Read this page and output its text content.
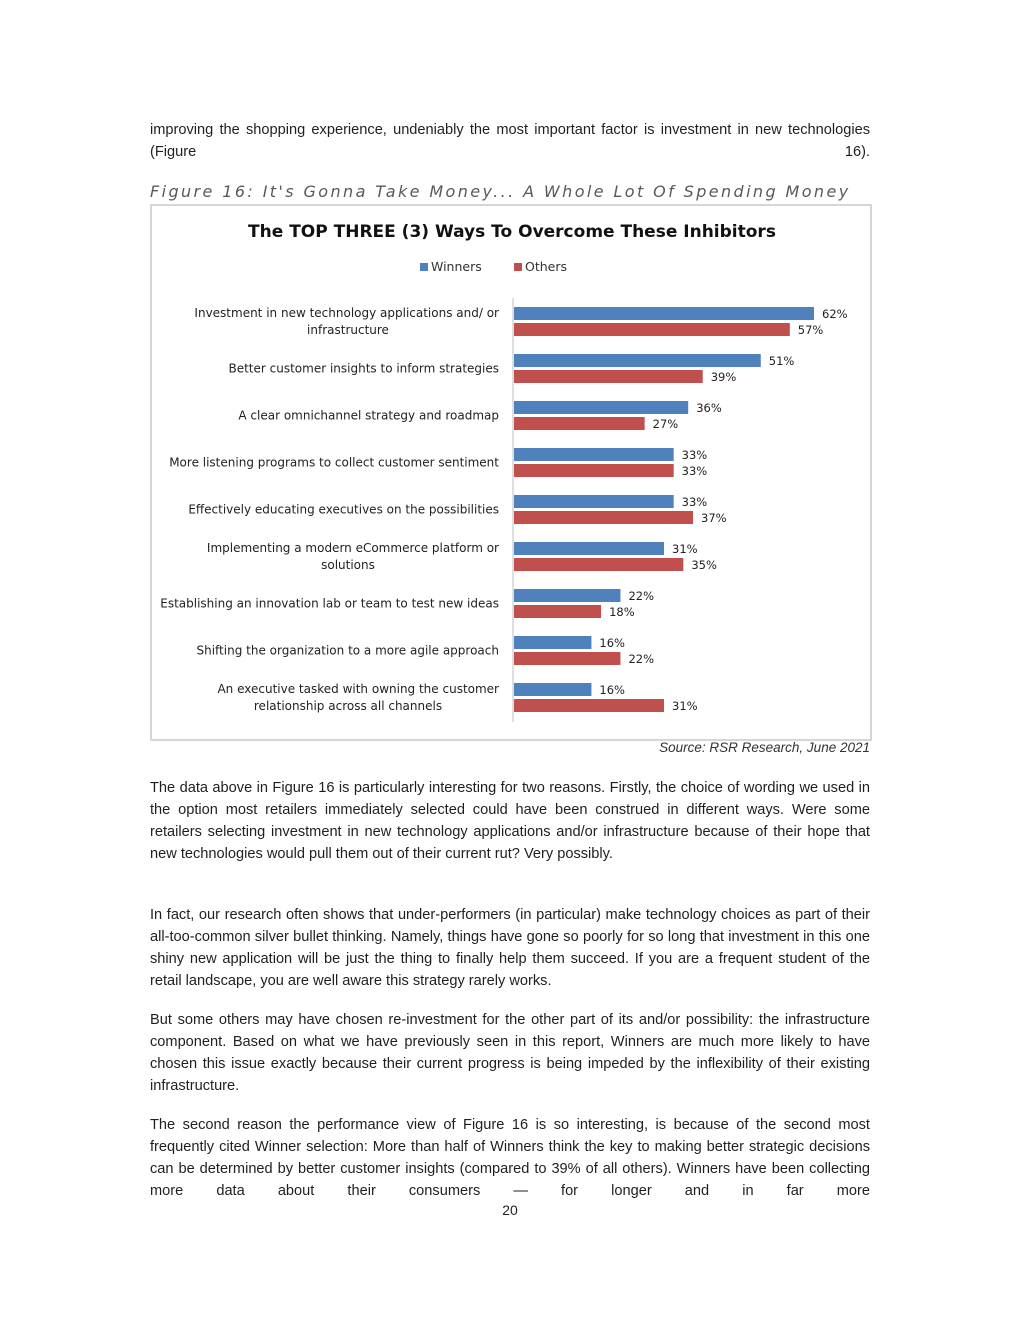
improving the shopping experience, undeniably the most important factor is investment in new technologies (Figure 16).

Figure 16: It's Gonna Take Money... A Whole Lot Of Spending Money
The TOP THREE (3) Ways To Overcome These Inhibitors
Winners	Others
Investment in new technology applications and/ or
infrastructure
62%
57%
Better customer insights to inform strategies
51%
39%
A clear omnichannel strategy and roadmap
36%
27%
More listening programs to collect customer sentiment
33%
33%
Effectively educating executives on the possibilities
33%
37%
Implementing a modern eCommerce platform or
solutions
31%
35%
Establishing an innovation lab or team to test new ideas
22%
18%
Shifting the organization to a more agile approach
16%
22%
An executive tasked with owning the customer
relationship across all channels
16%
31%
Source: RSR Research, June 2021

The data above in Figure 16 is particularly interesting for two reasons. Firstly, the choice of wording we used in the option most retailers immediately selected could have been construed in different ways. Were some retailers selecting investment in new technology applications and/or infrastructure because of their hope that new technologies would pull them out of their current rut? Very possibly.

In fact, our research often shows that under-performers (in particular) make technology choices as part of their all-too-common silver bullet thinking. Namely, things have gone so poorly for so long that investment in this one shiny new application will be just the thing to finally help them succeed. If you are a frequent student of the retail landscape, you are well aware this strategy rarely works.

But some others may have chosen re-investment for the other part of its and/or possibility: the infrastructure component. Based on what we have previously seen in this report, Winners are much more likely to have chosen this issue exactly because their current progress is being impeded by the inflexibility of their existing infrastructure.

The second reason the performance view of Figure 16 is so interesting, is because of the second most frequently cited Winner selection: More than half of Winners think the key to making better strategic decisions can be determined by better customer insights (compared to 39% of all others). Winners have been collecting more data about their consumers — for longer and in far more

20
